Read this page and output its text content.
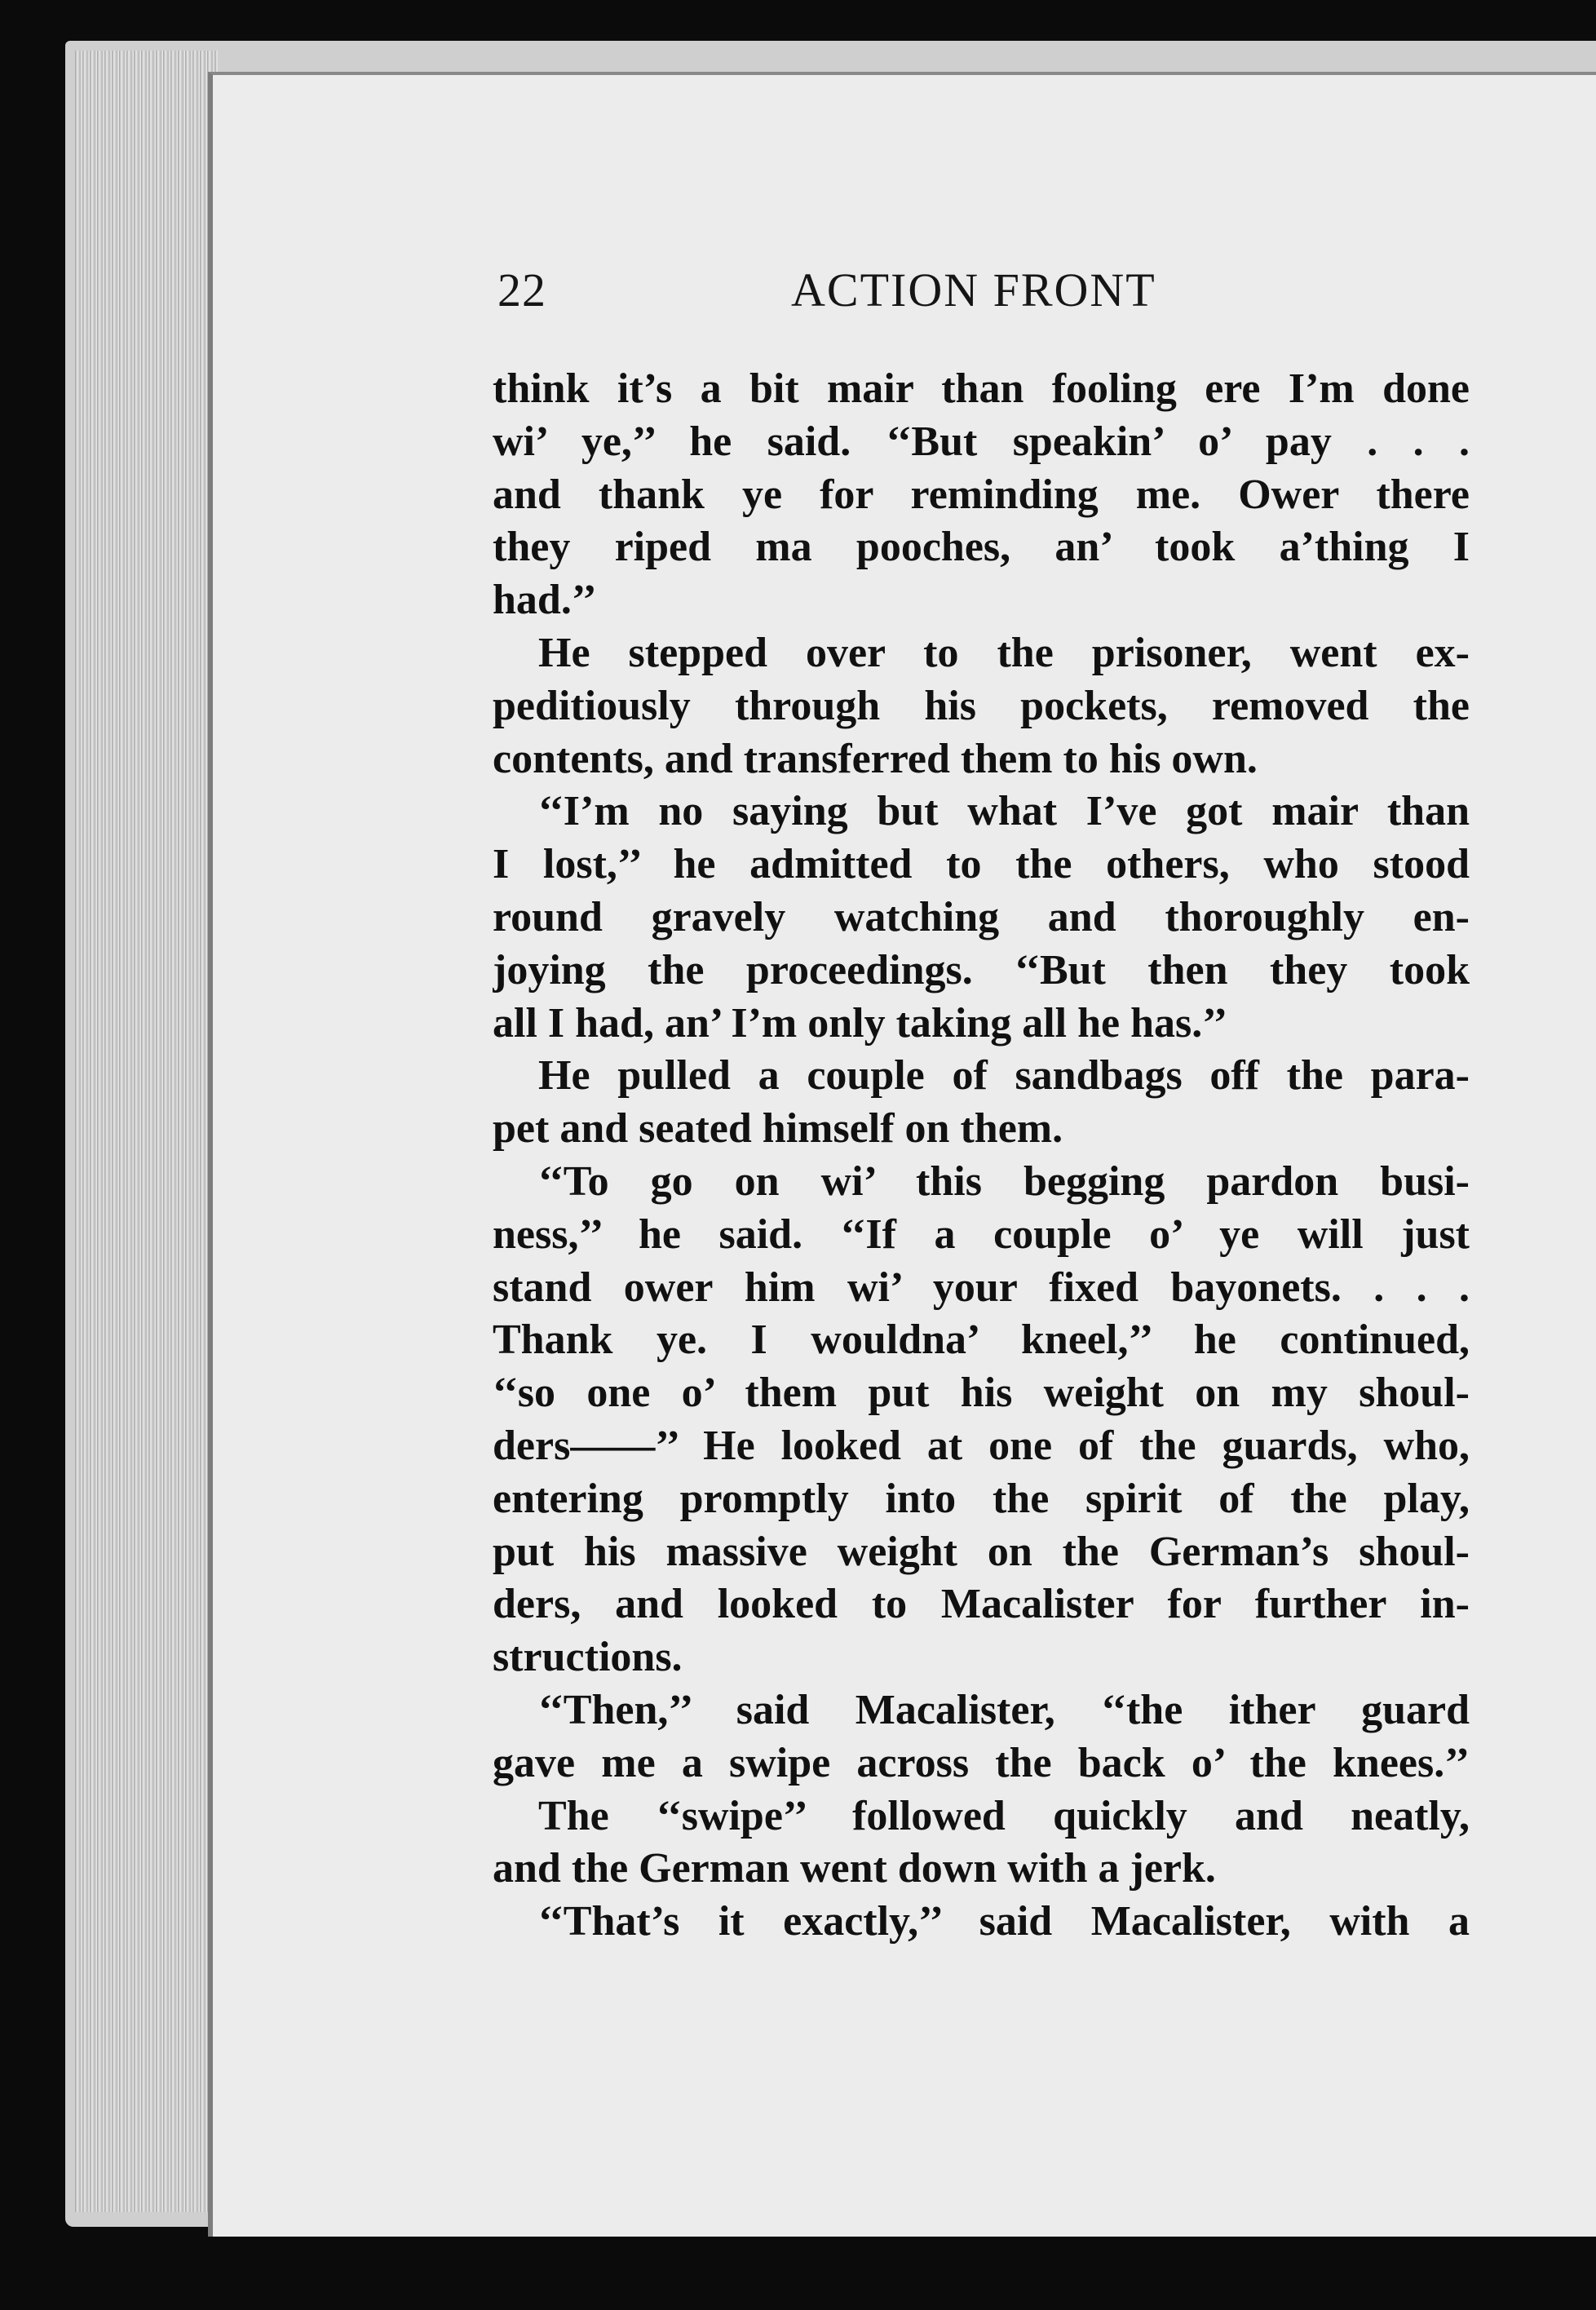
22	ACTION FRONT
think it’s a bit mair than fooling ere I’m done
wi’ ye,’’ he said. ‘‘But speakin’ o’ pay . . .
and thank ye for reminding me. Ower there
they riped ma pooches, an’ took a’thing I
had.’’
He stepped over to the prisoner, went ex-
peditiously through his pockets, removed the
contents, and transferred them to his own.
‘‘I’m no saying but what I’ve got mair than
I lost,’’ he admitted to the others, who stood
round gravely watching and thoroughly en-
joying the proceedings. ‘‘But then they took
all I had, an’ I’m only taking all he has.’’
He pulled a couple of sandbags off the para-
pet and seated himself on them.
‘‘To go on wi’ this begging pardon busi-
ness,’’ he said. ‘‘If a couple o’ ye will just
stand ower him wi’ your fixed bayonets. . . .
Thank ye. I wouldna’ kneel,’’ he continued,
‘‘so one o’ them put his weight on my shoul-
ders——’’ He looked at one of the guards, who,
entering promptly into the spirit of the play,
put his massive weight on the German’s shoul-
ders, and looked to Macalister for further in-
structions.
‘‘Then,’’ said Macalister, ‘‘the ither guard
gave me a swipe across the back o’ the knees.’’
The ‘‘swipe’’ followed quickly and neatly,
and the German went down with a jerk.
‘‘That’s it exactly,’’ said Macalister, with a
